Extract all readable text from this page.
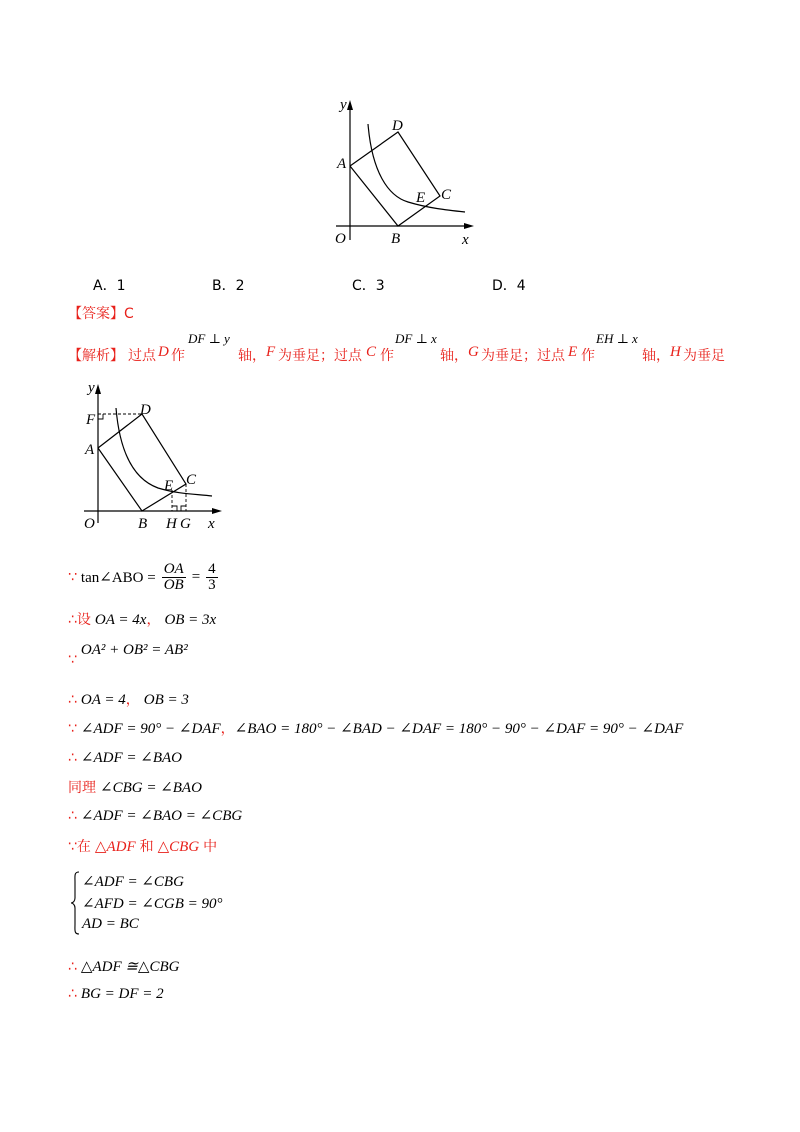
y
x
O
A
B
C
D
E
A．1	B．2	C．3	D．4
【答案】C
【解析】 过点 D 作
DF ⊥ y
轴， F 为垂足；过点 C 作
DF ⊥ x
轴， G 为垂足；过点 E 作
EH ⊥ x
轴， H 为垂足
y
x
O
F
A
D
E C
B H G
∵ tan∠ABO = $\frac{OA}{OB} = \frac{4}{3}$
∴设 OA = 4x， OB = 3x
∵ OA² + OB² = AB²
∴ OA = 4， OB = 3
∵ ∠ADF = 90° − ∠DAF，∠BAO = 180° − ∠BAD − ∠DAF = 180° − 90° − ∠DAF = 90° − ∠DAF
∴ ∠ADF = ∠BAO
同理 ∠CBG = ∠BAO
∴ ∠ADF = ∠BAO = ∠CBG
∵在 △ADF 和 △CBG 中
∠ADF = ∠CBG
∠AFD = ∠CGB = 90°
AD = BC
∴ △ADF ≅△CBG
∴ BG = DF = 2
